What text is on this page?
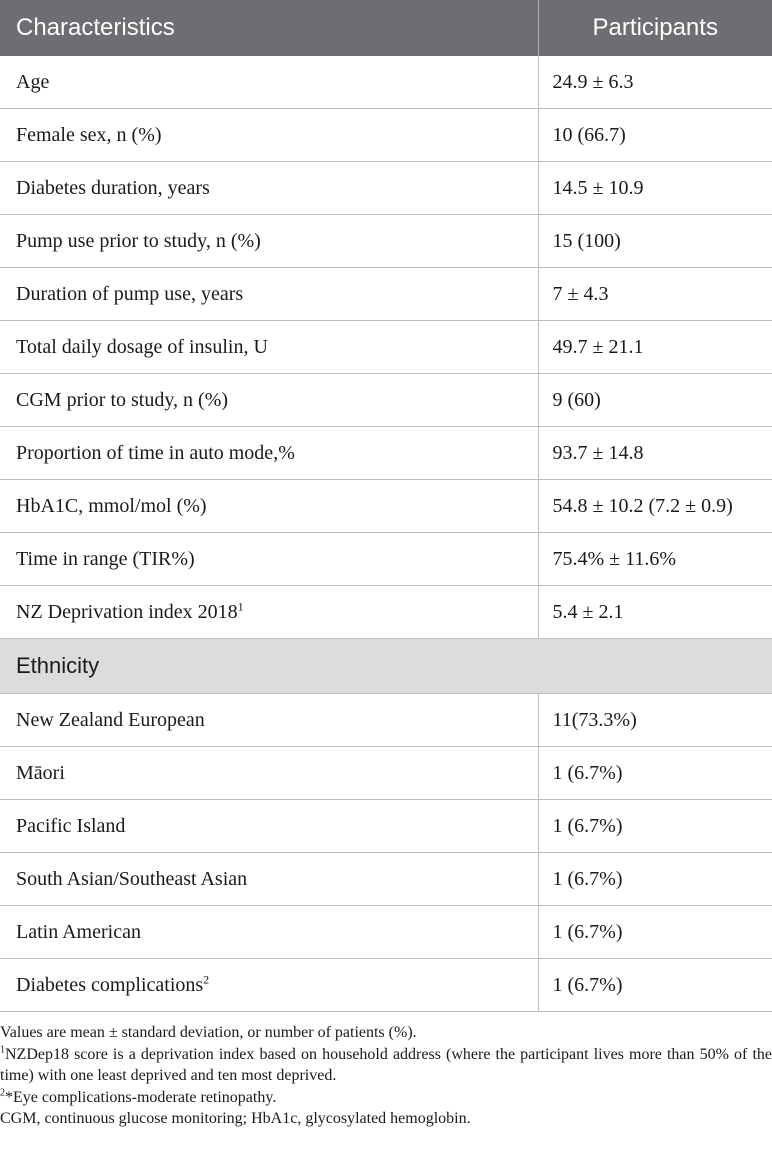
Characteristics	Participants
Age	24.9 ± 6.3
Female sex, n (%)	10 (66.7)
Diabetes duration, years	14.5 ± 10.9
Pump use prior to study, n (%)	15 (100)
Duration of pump use, years	7 ± 4.3
Total daily dosage of insulin, U	49.7 ± 21.1
CGM prior to study, n (%)	9 (60)
Proportion of time in auto mode,%	93.7 ± 14.8
HbA1C, mmol/mol (%)	54.8 ± 10.2 (7.2 ± 0.9)
Time in range (TIR%)	75.4% ± 11.6%
NZ Deprivation index 2018$^1$	5.4 ± 2.1
Ethnicity	
New Zealand European	11(73.3%)
Māori	1 (6.7%)
Pacific Island	1 (6.7%)
South Asian/Southeast Asian	1 (6.7%)
Latin American	1 (6.7%)
Diabetes complications$^2$	1 (6.7%)

Values are mean ± standard deviation, or number of patients (%).

$^1$NZDep18 score is a deprivation index based on household address (where the participant lives more than 50% of the time) with one least deprived and ten most deprived.

$^2$*Eye complications-moderate retinopathy.

CGM, continuous glucose monitoring; HbA1c, glycosylated hemoglobin.
